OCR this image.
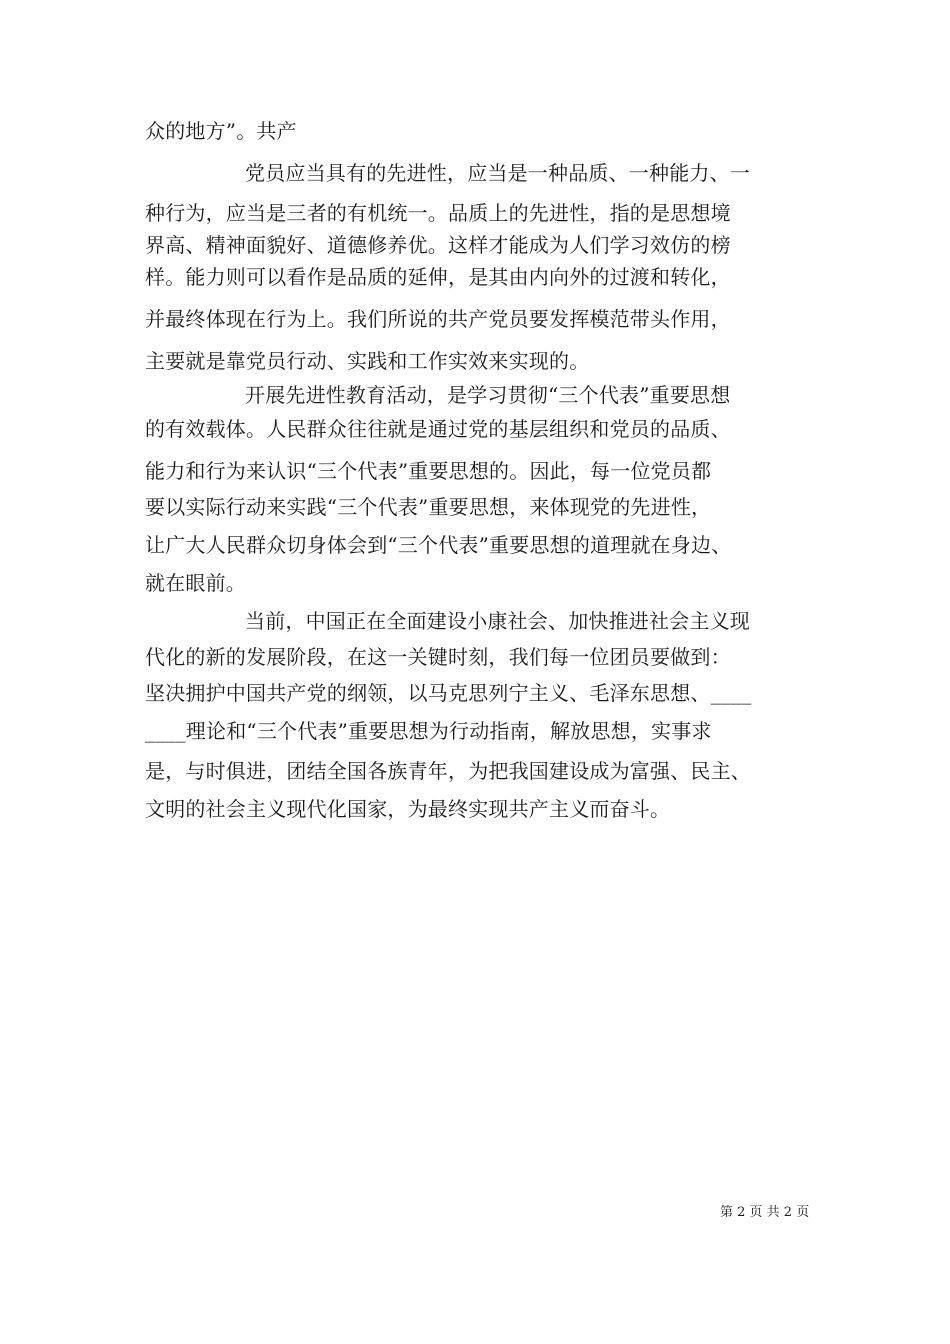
众的地方”。共产
党员应当具有的先进性，应当是一种品质、一种能力、一
种行为，应当是三者的有机统一。品质上的先进性，指的是思想境
界高、精神面貌好、道德修养优。这样才能成为人们学习效仿的榜
样。能力则可以看作是品质的延伸，是其由内向外的过渡和转化，
并最终体现在行为上。我们所说的共产党员要发挥模范带头作用，
主要就是靠党员行动、实践和工作实效来实现的。
开展先进性教育活动，是学习贯彻“三个代表”重要思想
的有效载体。人民群众往往就是通过党的基层组织和党员的品质、
能力和行为来认识“三个代表”重要思想的。因此，每一位党员都
要以实际行动来实践“三个代表”重要思想，来体现党的先进性，
让广大人民群众切身体会到“三个代表”重要思想的道理就在身边、
就在眼前。
当前，中国正在全面建设小康社会、加快推进社会主义现
代化的新的发展阶段，在这一关键时刻，我们每一位团员要做到：
坚决拥护中国共产党的纲领，以马克思列宁主义、毛泽东思想、____
____理论和“三个代表”重要思想为行动指南，解放思想，实事求
是，与时俱进，团结全国各族青年，为把我国建设成为富强、民主、
文明的社会主义现代化国家，为最终实现共产主义而奋斗。
第 2 页 共 2 页
